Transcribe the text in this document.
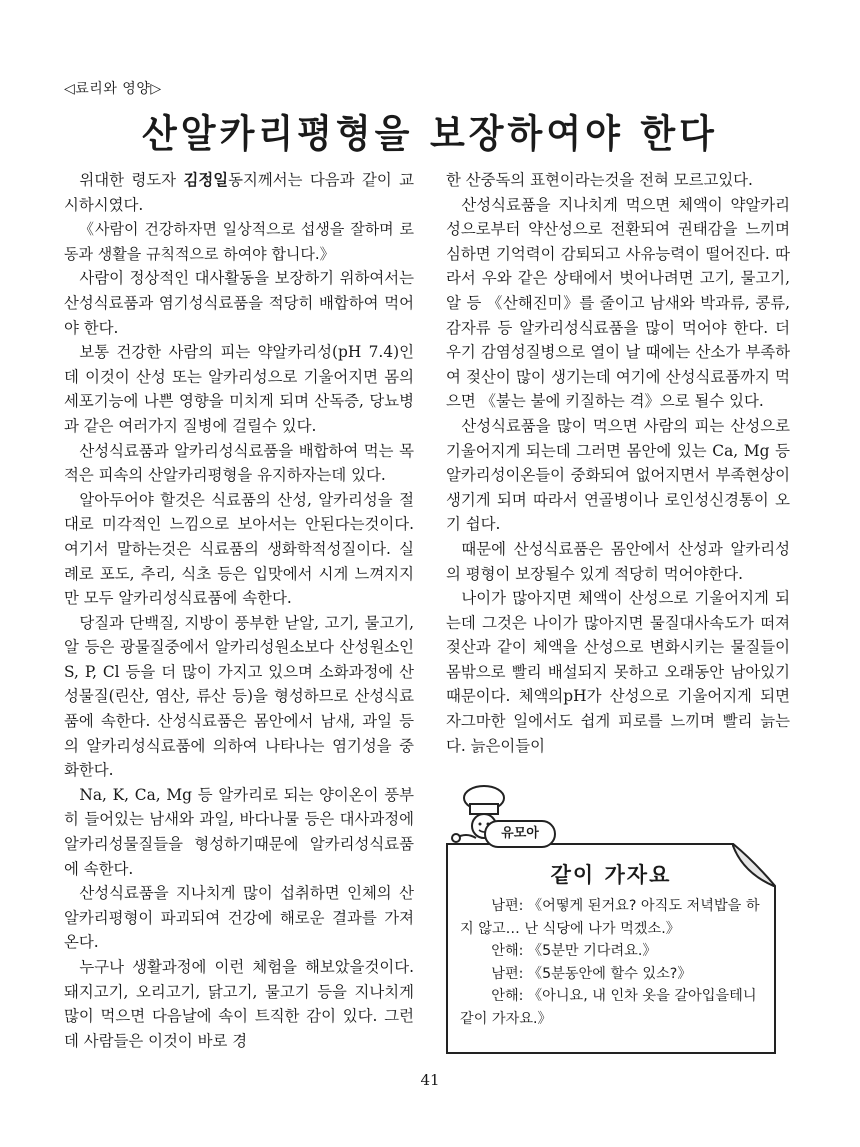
◁료리와 영양▷
산알카리평형을 보장하여야 한다

위대한 령도자 김정일동지께서는 다음과 같이 교시하시였다.

《사람이 건강하자면 일상적으로 섭생을 잘하며 로동과 생활을 규칙적으로 하여야 합니다.》

사람이 정상적인 대사활동을 보장하기 위하여서는 산성식료품과 염기성식료품을 적당히 배합하여 먹어야 한다.

보통 건강한 사람의 피는 약알카리성(pH 7.4)인데 이것이 산성 또는 알카리성으로 기울어지면 몸의 세포기능에 나쁜 영향을 미치게 되며 산독증, 당뇨병과 같은 여러가지 질병에 걸릴수 있다.

산성식료품과 알카리성식료품을 배합하여 먹는 목적은 피속의 산알카리평형을 유지하자는데 있다.

알아두어야 할것은 식료품의 산성, 알카리성을 절대로 미각적인 느낌으로 보아서는 안된다는것이다. 여기서 말하는것은 식료품의 생화학적성질이다. 실례로 포도, 추리, 식초 등은 입맛에서 시게 느껴지지만 모두 알카리성식료품에 속한다.

당질과 단백질, 지방이 풍부한 낟알, 고기, 물고기, 알 등은 광물질중에서 알카리성원소보다 산성원소인 S, P, Cl 등을 더 많이 가지고 있으며 소화과정에 산성물질(린산, 염산, 류산 등)을 형성하므로 산성식료품에 속한다. 산성식료품은 몸안에서 남새, 과일 등의 알카리성식료품에 의하여 나타나는 염기성을 중화한다.

Na, K, Ca, Mg 등 알카리로 되는 양이온이 풍부히 들어있는 남새와 과일, 바다나물 등은 대사과정에 알카리성물질들을 형성하기때문에 알카리성식료품에 속한다.

산성식료품을 지나치게 많이 섭취하면 인체의 산알카리평형이 파괴되여 건강에 해로운 결과를 가져온다.

누구나 생활과정에 이런 체험을 해보았을것이다. 돼지고기, 오리고기, 닭고기, 물고기 등을 지나치게 많이 먹으면 다음날에 속이 트직한 감이 있다. 그런데 사람들은 이것이 바로 경

한 산중독의 표현이라는것을 전혀 모르고있다.

산성식료품을 지나치게 먹으면 체액이 약알카리성으로부터 약산성으로 전환되여 권태감을 느끼며 심하면 기억력이 감퇴되고 사유능력이 떨어진다. 따라서 우와 같은 상태에서 벗어나려면 고기, 물고기, 알 등 《산해진미》를 줄이고 남새와 박과류, 콩류, 감자류 등 알카리성식료품을 많이 먹어야 한다. 더우기 감염성질병으로 열이 날 때에는 산소가 부족하여 젖산이 많이 생기는데 여기에 산성식료품까지 먹으면 《불는 불에 키질하는 격》으로 될수 있다.

산성식료품을 많이 먹으면 사람의 피는 산성으로 기울어지게 되는데 그러면 몸안에 있는 Ca, Mg 등 알카리성이온들이 중화되여 없어지면서 부족현상이 생기게 되며 따라서 연골병이나 로인성신경통이 오기 쉽다.

때문에 산성식료품은 몸안에서 산성과 알카리성의 평형이 보장될수 있게 적당히 먹어야한다.

나이가 많아지면 체액이 산성으로 기울어지게 되는데 그것은 나이가 많아지면 물질대사속도가 떠져 젖산과 같이 체액을 산성으로 변화시키는 물질들이 몸밖으로 빨리 배설되지 못하고 오래동안 남아있기때문이다. 체액의pH가 산성으로 기울어지게 되면 자그마한 일에서도 쉽게 피로를 느끼며 빨리 늙는다. 늙은이들이

같이 가자요
남편: 《어떻게 된거요? 아직도 저녁밥을 하지 않고… 난 식당에 나가 먹겠소.》
안해: 《5분만 기다려요.》
남편: 《5분동안에 할수 있소?》
안해: 《아니요, 내 인차 옷을 갈아입을테니 같이 가자요.》
유모아
41
